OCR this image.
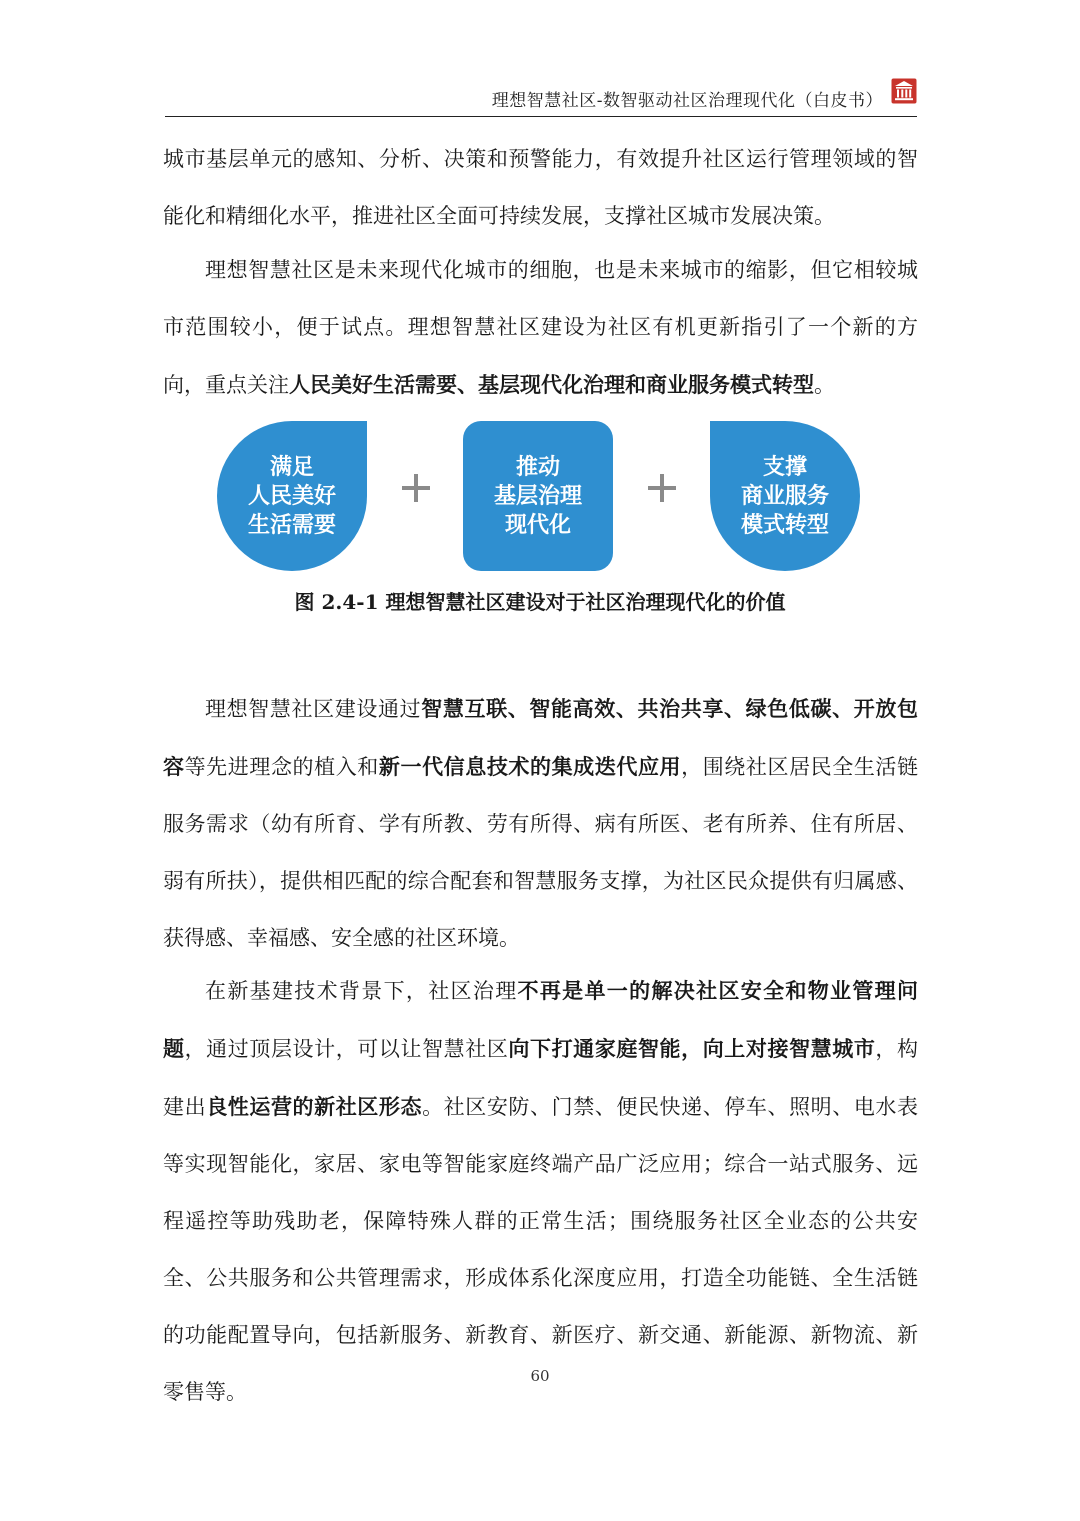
理想智慧社区-数智驱动社区治理现代化（白皮书）

城市基层单元的感知、分析、决策和预警能力，有效提升社区运行管理领域的智能化和精细化水平，推进社区全面可持续发展，支撑社区城市发展决策。

理想智慧社区是未来现代化城市的细胞，也是未来城市的缩影，但它相较城市范围较小，便于试点。理想智慧社区建设为社区有机更新指引了一个新的方向，重点关注人民美好生活需要、基层现代化治理和商业服务模式转型。

满足
人民美好
生活需要
推动
基层治理
现代化
支撑
商业服务
模式转型
图 2.4-1 理想智慧社区建设对于社区治理现代化的价值

理想智慧社区建设通过智慧互联、智能高效、共治共享、绿色低碳、开放包容等先进理念的植入和新一代信息技术的集成迭代应用，围绕社区居民全生活链服务需求（幼有所育、学有所教、劳有所得、病有所医、老有所养、住有所居、弱有所扶），提供相匹配的综合配套和智慧服务支撑，为社区民众提供有归属感、获得感、幸福感、安全感的社区环境。

在新基建技术背景下，社区治理不再是单一的解决社区安全和物业管理问题，通过顶层设计，可以让智慧社区向下打通家庭智能，向上对接智慧城市，构建出良性运营的新社区形态。社区安防、门禁、便民快递、停车、照明、电水表等实现智能化，家居、家电等智能家庭终端产品广泛应用；综合一站式服务、远程遥控等助残助老，保障特殊人群的正常生活；围绕服务社区全业态的公共安全、公共服务和公共管理需求，形成体系化深度应用，打造全功能链、全生活链的功能配置导向，包括新服务、新教育、新医疗、新交通、新能源、新物流、新零售等。

60
